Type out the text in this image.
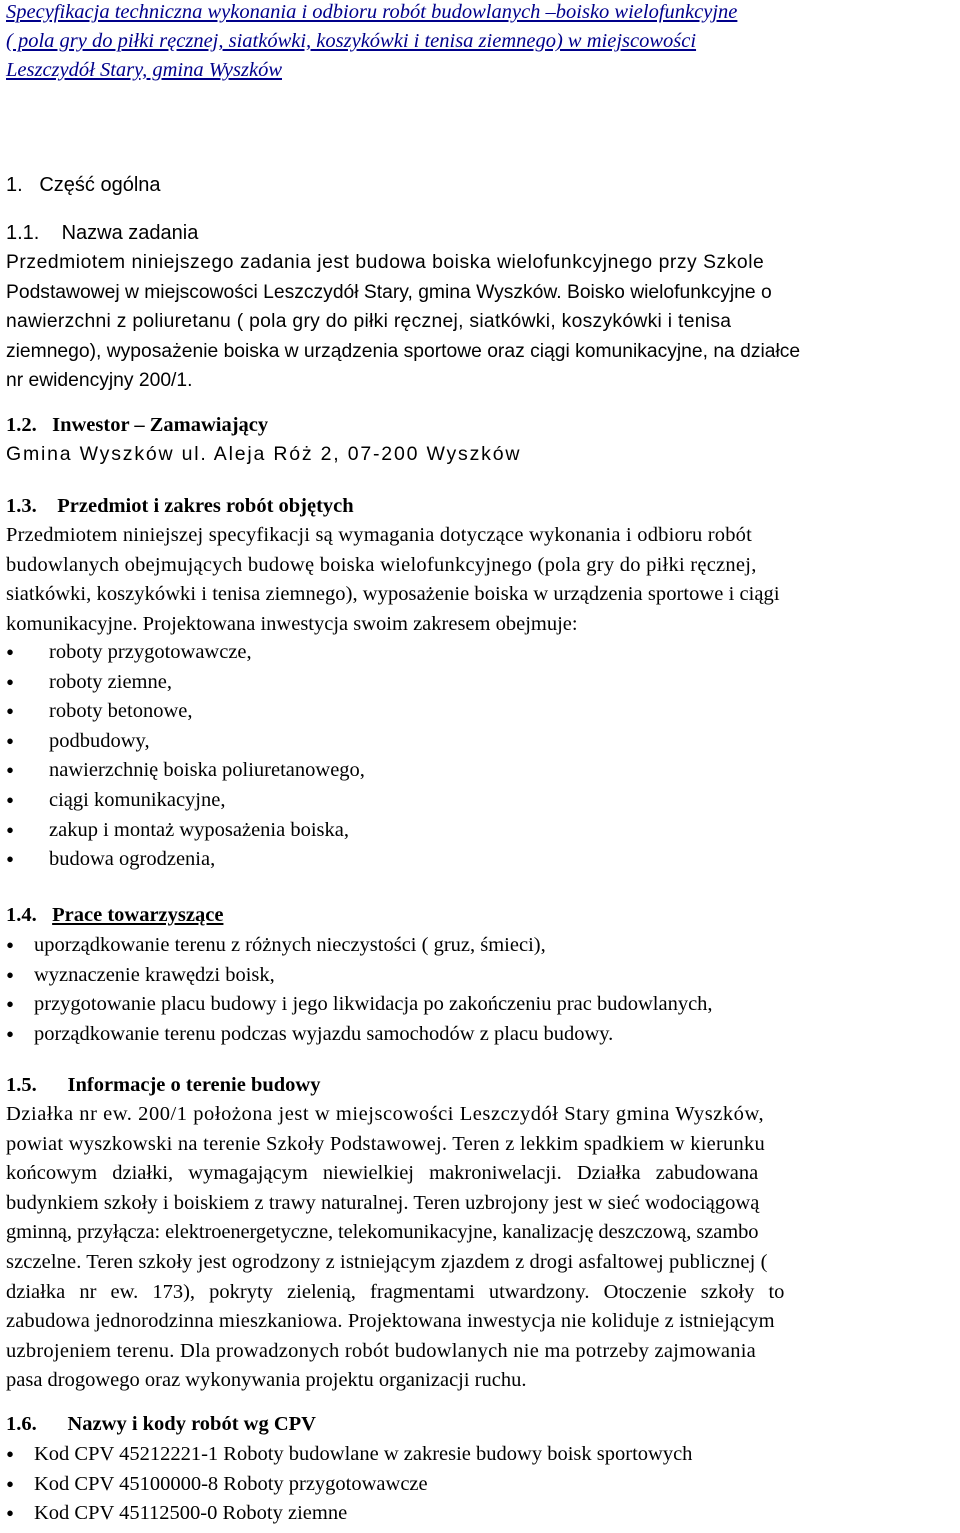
Specyfikacja techniczna wykonania i odbioru robót budowlanych –boisko wielofunkcyjne
( pola gry do piłki ręcznej, siatkówki, koszykówki i tenisa ziemnego) w miejscowości
Leszczydół Stary, gmina Wyszków
1. Część ogólna
1.1. Nazwa zadania
Przedmiotem niniejszego zadania jest budowa boiska wielofunkcyjnego przy Szkole
Podstawowej w miejscowości Leszczydół Stary, gmina Wyszków. Boisko wielofunkcyjne o
nawierzchni z poliuretanu ( pola gry do piłki ręcznej, siatkówki, koszykówki i tenisa
ziemnego), wyposażenie boiska w urządzenia sportowe oraz ciągi komunikacyjne, na działce
nr ewidencyjny 200/1.
1.2. Inwestor – Zamawiający
Gmina Wyszków ul. Aleja Róż 2, 07-200 Wyszków
1.3. Przedmiot i zakres robót objętych
Przedmiotem niniejszej specyfikacji są wymagania dotyczące wykonania i odbioru robót
budowlanych obejmujących budowę boiska wielofunkcyjnego (pola gry do piłki ręcznej,
siatkówki, koszykówki i tenisa ziemnego), wyposażenie boiska w urządzenia sportowe i ciągi
komunikacyjne. Projektowana inwestycja swoim zakresem obejmuje:
• roboty przygotowawcze,
• roboty ziemne,
• roboty betonowe,
• podbudowy,
• nawierzchnię boiska poliuretanowego,
• ciągi komunikacyjne,
• zakup i montaż wyposażenia boiska,
• budowa ogrodzenia,
1.4. Prace towarzyszące
• uporządkowanie terenu z różnych nieczystości ( gruz, śmieci),
• wyznaczenie krawędzi boisk,
• przygotowanie placu budowy i jego likwidacja po zakończeniu prac budowlanych,
• porządkowanie terenu podczas wyjazdu samochodów z placu budowy.
1.5. Informacje o terenie budowy
Działka nr ew. 200/1 położona jest w miejscowości Leszczydół Stary gmina Wyszków,
powiat wyszkowski na terenie Szkoły Podstawowej. Teren z lekkim spadkiem w kierunku
końcowym działki, wymagającym niewielkiej makroniwelacji. Działka zabudowana
budynkiem szkoły i boiskiem z trawy naturalnej. Teren uzbrojony jest w sieć wodociągową
gminną, przyłącza: elektroenergetyczne, telekomunikacyjne, kanalizację deszczową, szambo
szczelne. Teren szkoły jest ogrodzony z istniejącym zjazdem z drogi asfaltowej publicznej (
działka nr ew. 173), pokryty zielenią, fragmentami utwardzony. Otoczenie szkoły to
zabudowa jednorodzinna mieszkaniowa. Projektowana inwestycja nie koliduje z istniejącym
uzbrojeniem terenu. Dla prowadzonych robót budowlanych nie ma potrzeby zajmowania
pasa drogowego oraz wykonywania projektu organizacji ruchu.
1.6. Nazwy i kody robót wg CPV
• Kod CPV 45212221-1 Roboty budowlane w zakresie budowy boisk sportowych
• Kod CPV 45100000-8 Roboty przygotowawcze
• Kod CPV 45112500-0 Roboty ziemne
